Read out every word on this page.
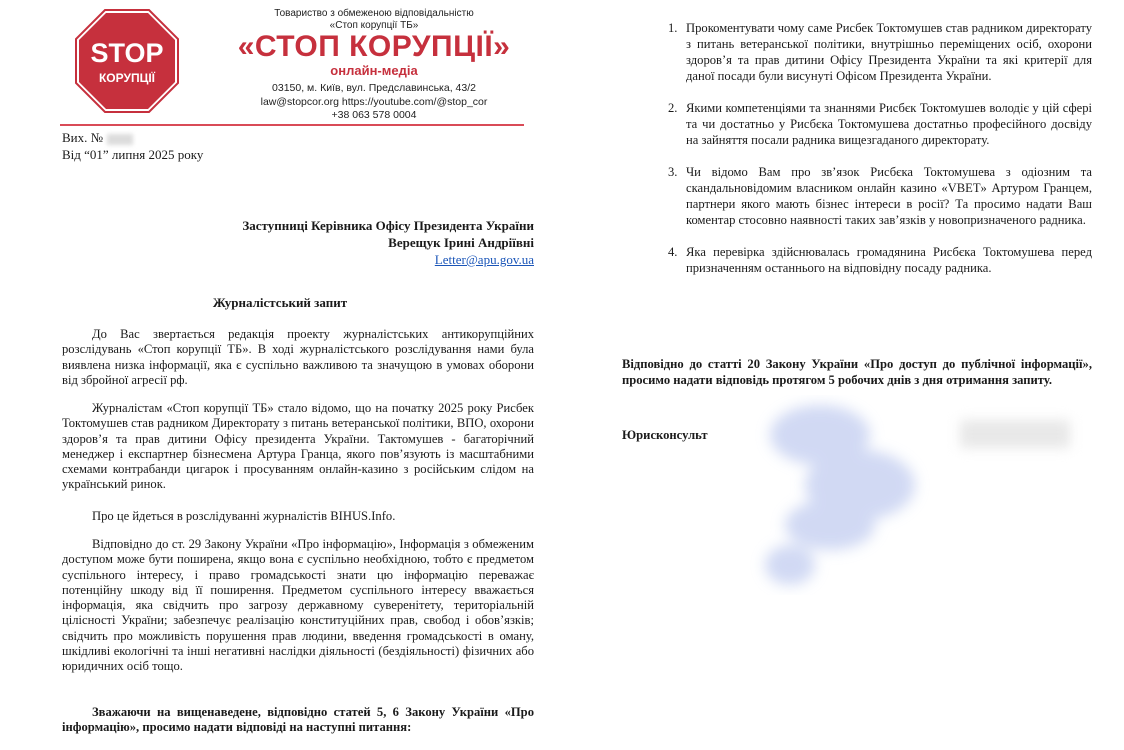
STOP
КОРУПЦІЇ
Товариство з обмеженою відповідальністю
«Стоп корупції ТБ»
«СТОП КОРУПЦІЇ»
онлайн-медіа
03150, м. Київ, вул. Предславинська, 43/2
law@stopcor.org https://youtube.com/@stop_cor
+38 063 578 0004
Вих. №
Від “01” липня 2025 року
Заступниці Керівника Офісу Президента України
Верещук Ірині Андріївні
Letter@apu.gov.ua
Журналістський запит

До Вас звертається редакція проекту журналістських антикорупційних розслідувань «Стоп корупції ТБ». В ході журналістського розслідування нами була виявлена низка інформації, яка є суспільно важливою та значущою в умовах оборони від збройної агресії рф.

Журналістам «Стоп корупції ТБ» стало відомо, що на початку 2025 року Рисбек Токтомушев став радником Директорату з питань ветеранської політики, ВПО, охорони здоров’я та прав дитини Офісу президента України. Тактомушев - багаторічний менеджер і експартнер бізнесмена Артура Гранца, якого пов’язують із масштабними схемами контрабанди цигарок і просуванням онлайн-казино з російським слідом на український ринок.

Про це йдеться в розслідуванні журналістів BIHUS.Info.

Відповідно до ст. 29 Закону України «Про інформацію», Інформація з обмеженим доступом може бути поширена, якщо вона є суспільно необхідною, тобто є предметом суспільного інтересу, і право громадськості знати цю інформацію переважає потенційну шкоду від її поширення. Предметом суспільного інтересу вважається інформація, яка свідчить про загрозу державному суверенітету, територіальній цілісності України; забезпечує реалізацію конституційних прав, свобод і обов’язків; свідчить про можливість порушення прав людини, введення громадськості в оману, шкідливі екологічні та інші негативні наслідки діяльності (бездіяльності) фізичних або юридичних осіб тощо.

Зважаючи на вищенаведене, відповідно статей 5, 6 Закону України «Про інформацію», просимо надати відповіді на наступні питання:

1. Прокоментувати чому саме Рисбек Токтомушев став радником директорату з питань ветеранської політики, внутрішньо переміщених осіб, охорони здоров’я та прав дитини Офісу Президента України та які критерії для даної посади були висунуті Офісом Президента України.
2. Якими компетенціями та знаннями Рисбєк Токтомушев володіє у цій сфері та чи достатньо у Рисбєка Токтомушева достатньо професійного досвіду на зайняття посали радника вищезгаданого директорату.
3. Чи відомо Вам про зв’язок Рисбєка Токтомушева з одіозним та скандальновідомим власником онлайн казино «VBET» Артуром Гранцем, партнери якого мають бізнес інтереси в росії? Та просимо надати Ваш коментар стосовно наявності таких зав’язків у новопризначеного радника.
4. Яка перевірка здійснювалась громадянина Рисбєка Токтомушева перед призначенням останнього на відповідну посаду радника.
Відповідно до статті 20 Закону України «Про доступ до публічної інформації», просимо надати відповідь протягом 5 робочих днів з дня отримання запиту.
Юрисконсульт
